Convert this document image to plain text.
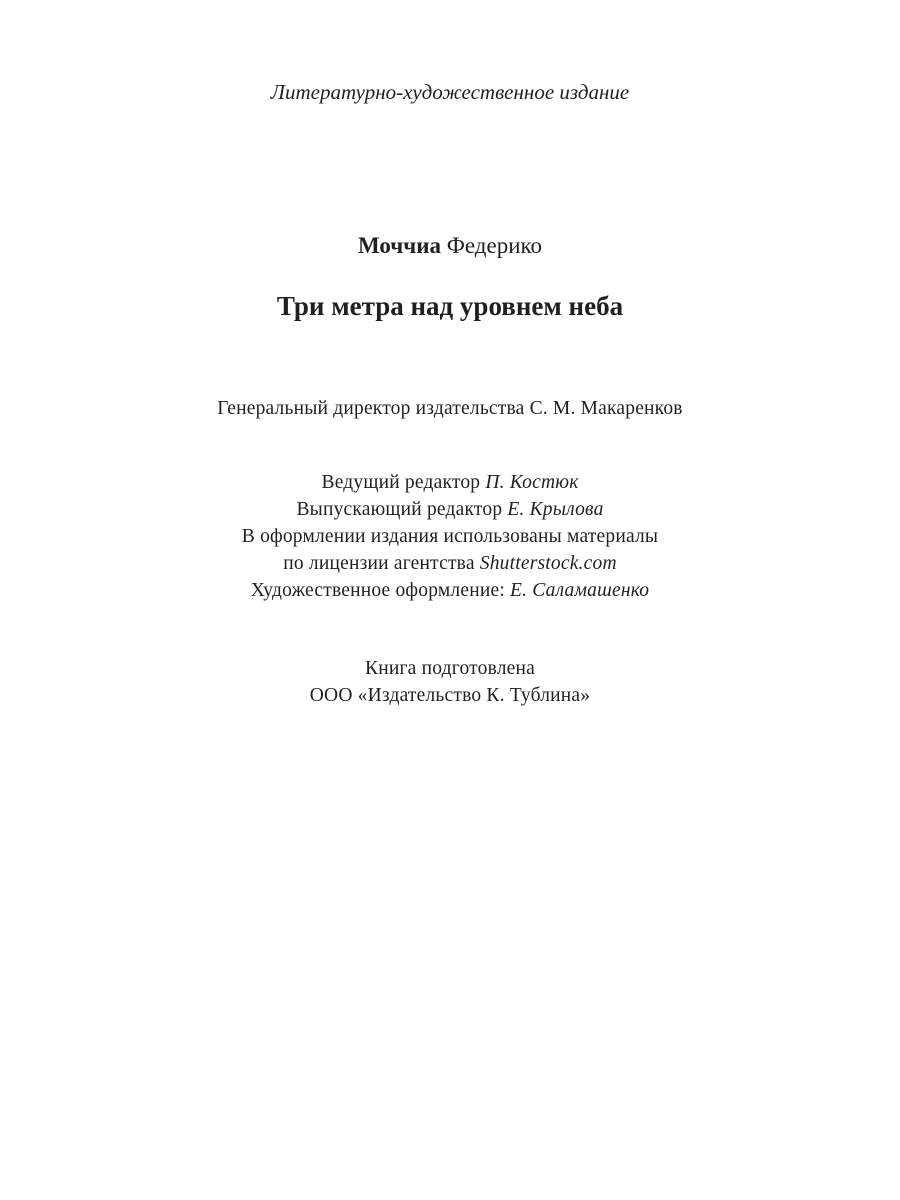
Литературно-художественное издание
Моччиа Федерико
Три метра над уровнем неба
Генеральный директор издательства С. М. Макаренков
Ведущий редактор П. Костюк
Выпускающий редактор Е. Крылова
В оформлении издания использованы материалы
по лицензии агентства Shutterstock.com
Художественное оформление: Е. Саламашенко
Книга подготовлена
ООО «Издательство К. Тублина»
